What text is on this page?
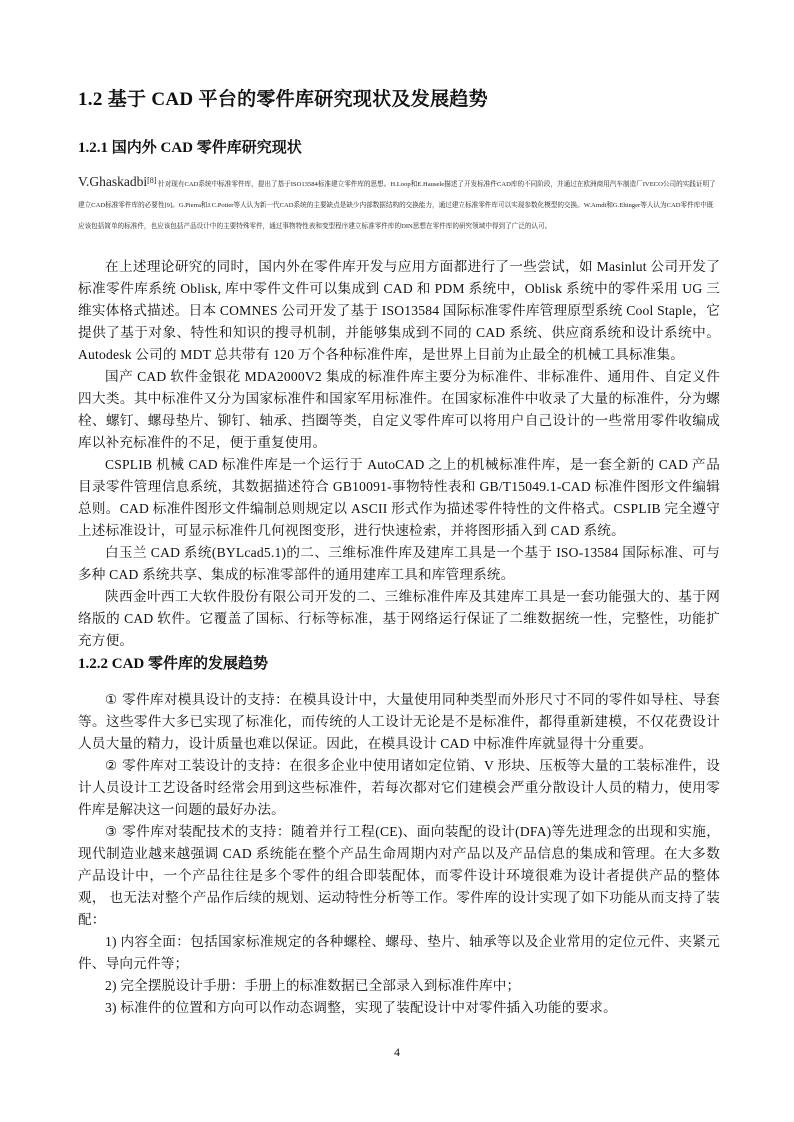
1.2 基于 CAD 平台的零件库研究现状及发展趋势
1.2.1 国内外 CAD 零件库研究现状
V.Ghaskadbi[8] 针对现有CAD系统中标准零件库，提出了基于ISO13584标准建立零件库的思想。H.Loop和E.Hausele描述了开发标准件CAD库的不同阶段，并通过在欧洲商用汽车制造厂IVECO公司的实践证明了建立CAD标准零件库的必要性[9]。G.Pierra和J.C.Potier等人认为新一代CAD系统的主要缺点是缺少内部数据结构的交换能力，通过建立标准零件库可以实现参数化模型的交换。W.Arndt和G.Ehinger等人认为CAD零件库中既应该包括简单的标准件，也应该包括产品设计中的主要特殊零件，通过事物特性表和变型程序建立标准零件库的DIN思想在零件库的研究领域中得到了广泛的认可。

在上述理论研究的同时，国内外在零件库开发与应用方面都进行了一些尝试，如 Masinlut 公司开发了标准零件库系统 Oblisk, 库中零件文件可以集成到 CAD 和 PDM 系统中，Oblisk 系统中的零件采用 UG 三维实体格式描述。日本 COMNES 公司开发了基于 ISO13584 国际标准零件库管理原型系统 Cool Staple，它提供了基于对象、特性和知识的搜寻机制，并能够集成到不同的 CAD 系统、供应商系统和设计系统中。Autodesk 公司的 MDT 总共带有 120 万个各种标准件库，是世界上目前为止最全的机械工具标准集。

国产 CAD 软件金银花 MDA2000V2 集成的标准件库主要分为标准件、非标准件、通用件、自定义件四大类。其中标准件又分为国家标准件和国家军用标准件。在国家标准件中收录了大量的标准件，分为螺栓、螺钉、螺母垫片、铆钉、轴承、挡圈等类，自定义零件库可以将用户自己设计的一些常用零件收编成库以补充标准件的不足，便于重复使用。

CSPLIB 机械 CAD 标准件库是一个运行于 AutoCAD 之上的机械标准件库，是一套全新的 CAD 产品目录零件管理信息系统，其数据描述符合 GB10091-事物特性表和 GB/T15049.1-CAD 标准件图形文件编辑总则。CAD 标准件图形文件编制总则规定以 ASCII 形式作为描述零件特性的文件格式。CSPLIB 完全遵守上述标准设计，可显示标准件几何视图变形，进行快速检索，并将图形插入到 CAD 系统。

白玉兰 CAD 系统(BYLcad5.1)的二、三维标准件库及建库工具是一个基于 ISO-13584 国际标准、可与多种 CAD 系统共享、集成的标准零部件的通用建库工具和库管理系统。

陕西金叶西工大软件股份有限公司开发的二、三维标准件库及其建库工具是一套功能强大的、基于网络版的 CAD 软件。它覆盖了国标、行标等标准，基于网络运行保证了二维数据统一性，完整性，功能扩充方便。

1.2.2 CAD 零件库的发展趋势

① 零件库对模具设计的支持：在模具设计中，大量使用同种类型而外形尺寸不同的零件如导柱、导套等。这些零件大多已实现了标准化，而传统的人工设计无论是不是标准件，都得重新建模，不仅花费设计人员大量的精力，设计质量也难以保证。因此，在模具设计 CAD 中标准件库就显得十分重要。

② 零件库对工装设计的支持：在很多企业中使用诸如定位销、V 形块、压板等大量的工装标准件，设计人员设计工艺设备时经常会用到这些标准件，若每次都对它们建模会严重分散设计人员的精力，使用零件库是解决这一问题的最好办法。

③ 零件库对装配技术的支持：随着并行工程(CE)、面向装配的设计(DFA)等先进理念的出现和实施，现代制造业越来越强调 CAD 系统能在整个产品生命周期内对产品以及产品信息的集成和管理。在大多数产品设计中，一个产品往往是多个零件的组合即装配体，而零件设计环境很难为设计者提供产品的整体观， 也无法对整个产品作后续的规划、运动特性分析等工作。零件库的设计实现了如下功能从而支持了装配：

1) 内容全面：包括国家标准规定的各种螺栓、螺母、垫片、轴承等以及企业常用的定位元件、夹紧元件、导向元件等；

2) 完全摆脱设计手册：手册上的标准数据已全部录入到标准件库中；

3) 标准件的位置和方向可以作动态调整，实现了装配设计中对零件插入功能的要求。

4
